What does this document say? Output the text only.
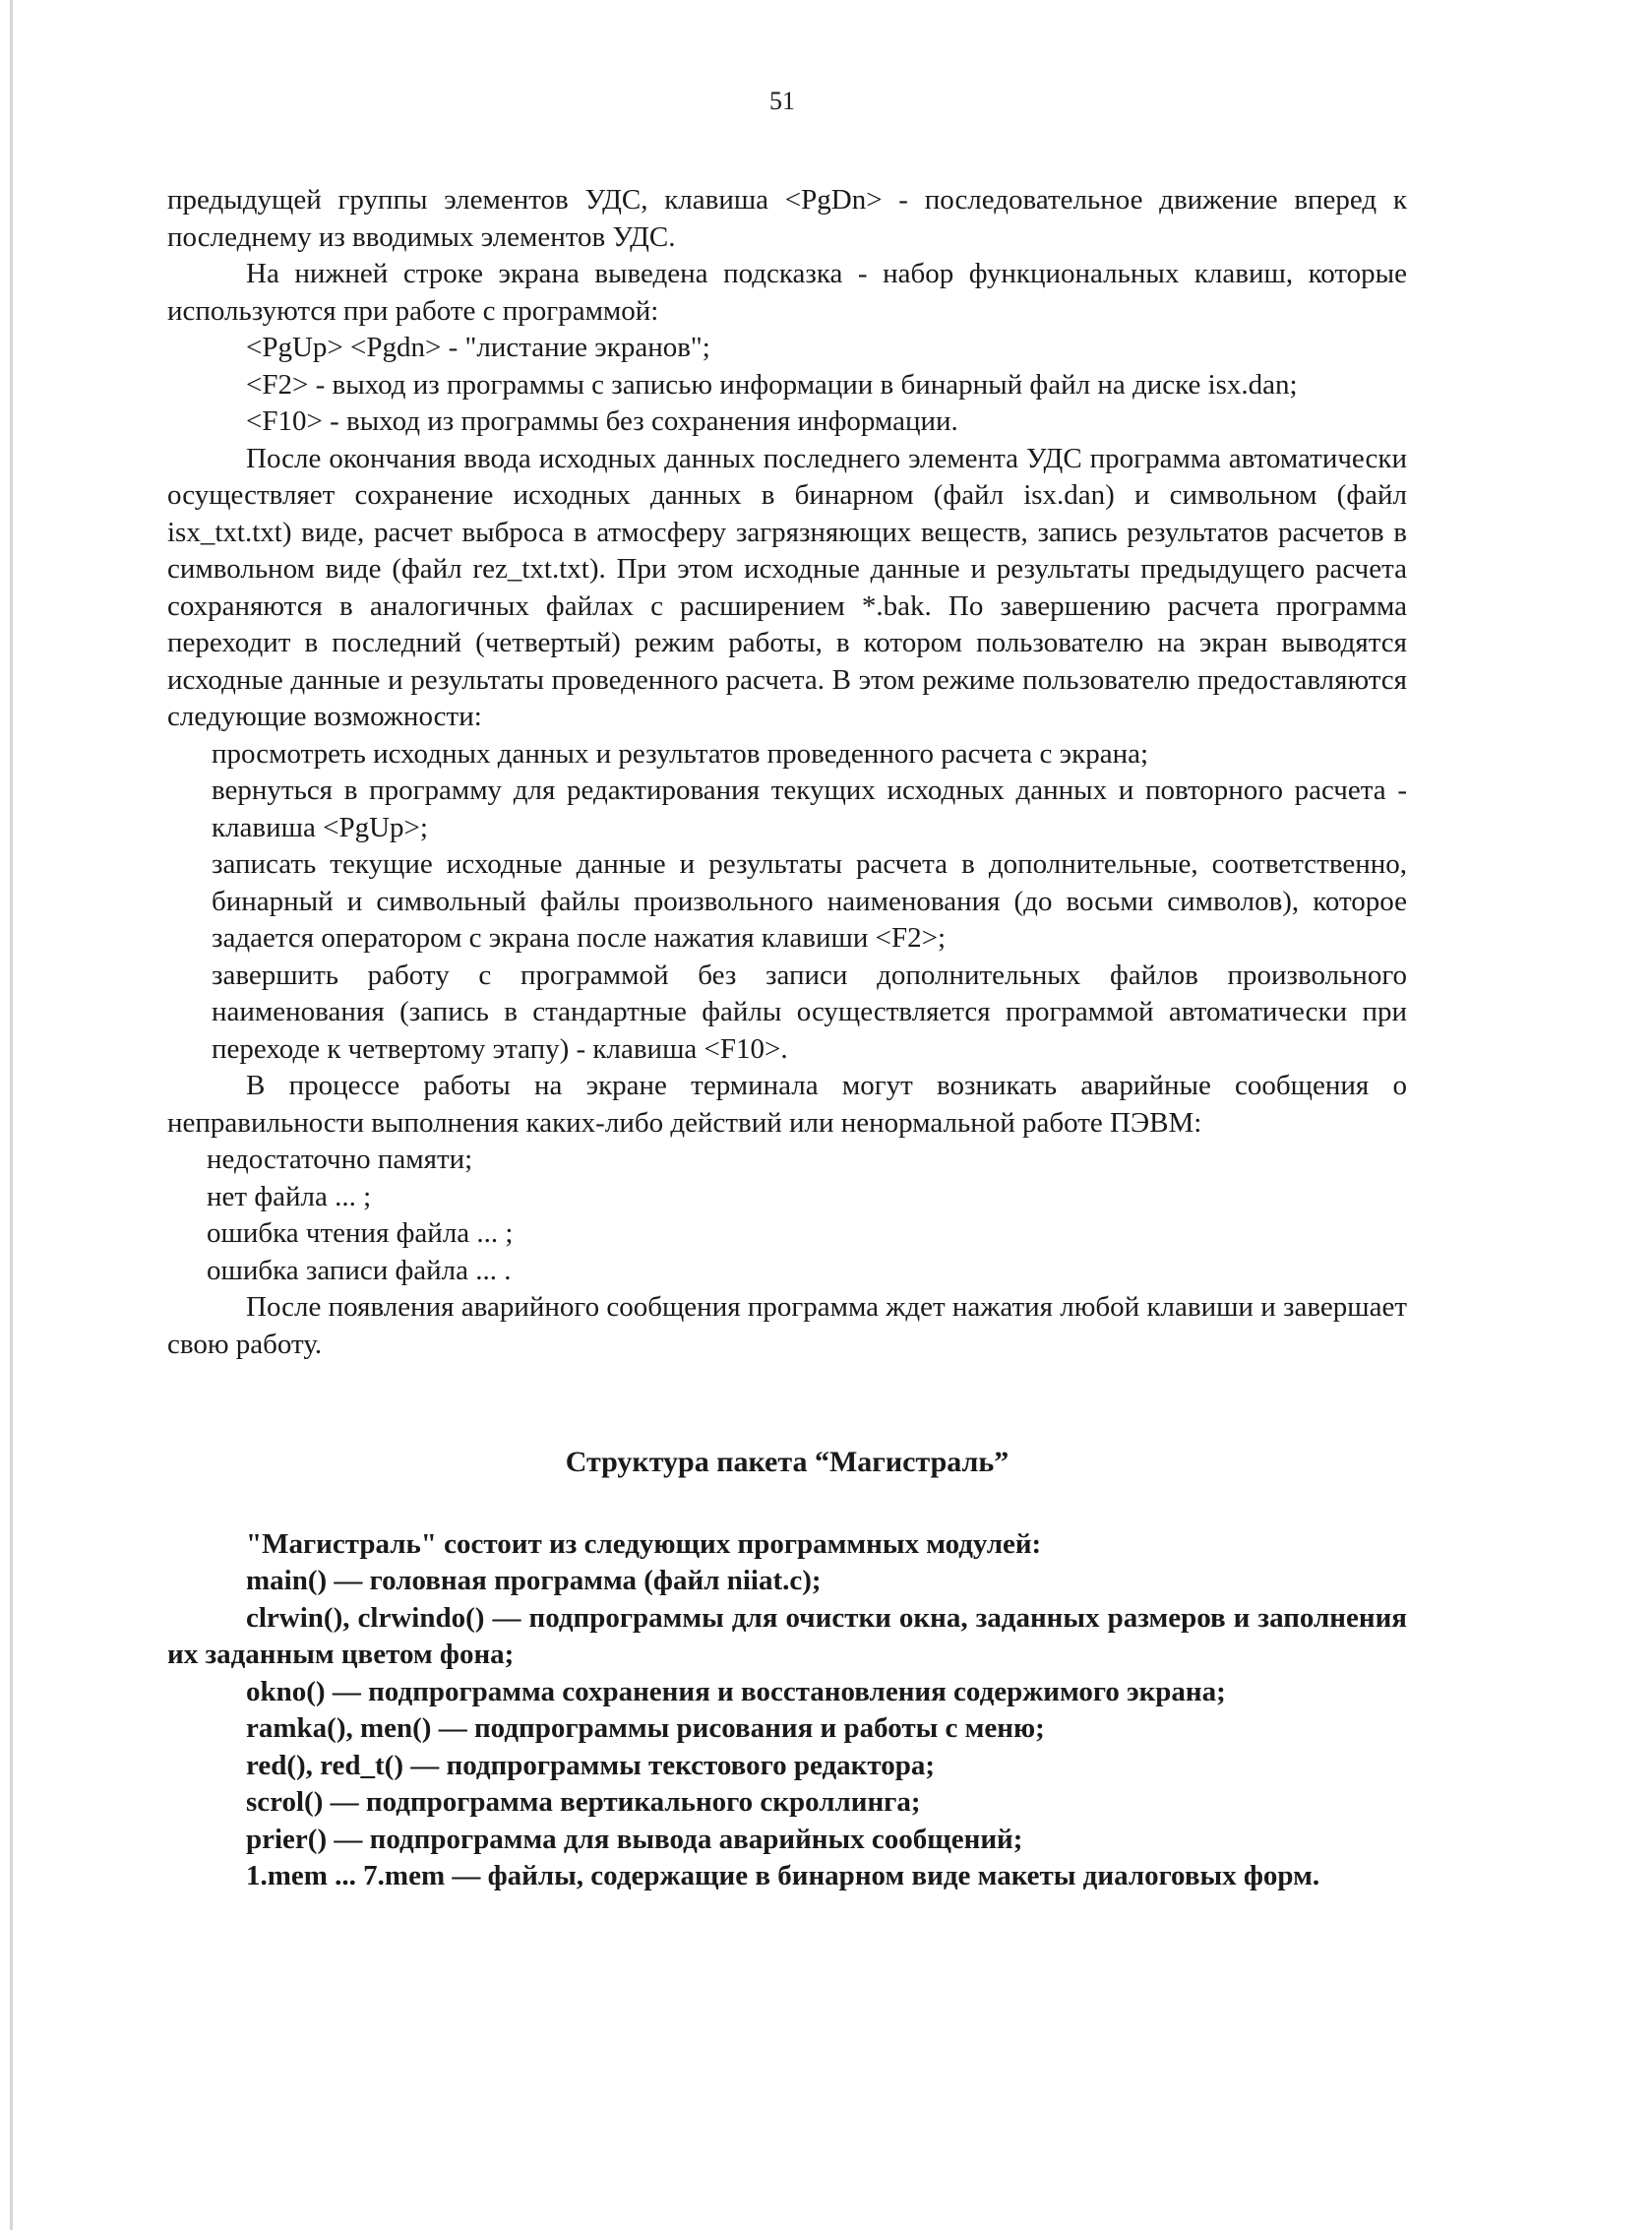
51

предыдущей группы элементов УДС, клавиша <PgDn> - последовательное движение вперед к последнему из вводимых элементов УДС.

На нижней строке экрана выведена подсказка - набор функциональных клавиш, которые используются при работе с программой:

<PgUp> <Pgdn> - "листание экранов";

<F2> - выход из программы с записью информации в бинарный файл на диске isx.dan;

<F10> - выход из программы без сохранения информации.

После окончания ввода исходных данных последнего элемента УДС программа автоматически осуществляет сохранение исходных данных в бинарном (файл isx.dan) и символьном (файл isx_txt.txt) виде, расчет выброса в атмосферу загрязняющих веществ, запись результатов расчетов в символьном виде (файл rez_txt.txt). При этом исходные данные и результаты предыдущего расчета сохраняются в аналогичных файлах с расширением *.bak. По завершению расчета программа переходит в последний (четвертый) режим работы, в котором пользователю на экран выводятся исходные данные и результаты проведенного расчета. В этом режиме пользователю предоставляются следующие возможности:

просмотреть исходных данных и результатов проведенного расчета с экрана;

вернуться в программу для редактирования текущих исходных данных и повторного расчета - клавиша <PgUp>;

записать текущие исходные данные и результаты расчета в дополнительные, соответственно, бинарный и символьный файлы произвольного наименования (до восьми символов), которое задается оператором с экрана после нажатия клавиши <F2>;

завершить работу с программой без записи дополнительных файлов произвольного наименования (запись в стандартные файлы осуществляется программой автоматически при переходе к четвертому этапу) - клавиша <F10>.

В процессе работы на экране терминала могут возникать аварийные сообщения о неправильности выполнения каких-либо действий или ненормальной работе ПЭВМ:

недостаточно памяти;

нет файла ... ;

ошибка чтения файла ... ;

ошибка записи файла ... .

После появления аварийного сообщения программа ждет нажатия любой клавиши и завершает свою работу.

Структура пакета “Магистраль”

"Магистраль" состоит из следующих программных модулей:

main() — головная программа (файл niiat.c);

clrwin(), clrwindo() — подпрограммы для очистки окна, заданных размеров и заполнения их заданным цветом фона;

okno() — подпрограмма сохранения и восстановления содержимого экрана;

ramka(), men() — подпрограммы рисования и работы с меню;

red(), red_t() — подпрограммы текстового редактора;

scrol() — подпрограмма вертикального скроллинга;

prier() — подпрограмма для вывода аварийных сообщений;

1.mem ... 7.mem — файлы, содержащие в бинарном виде макеты диалоговых форм.
